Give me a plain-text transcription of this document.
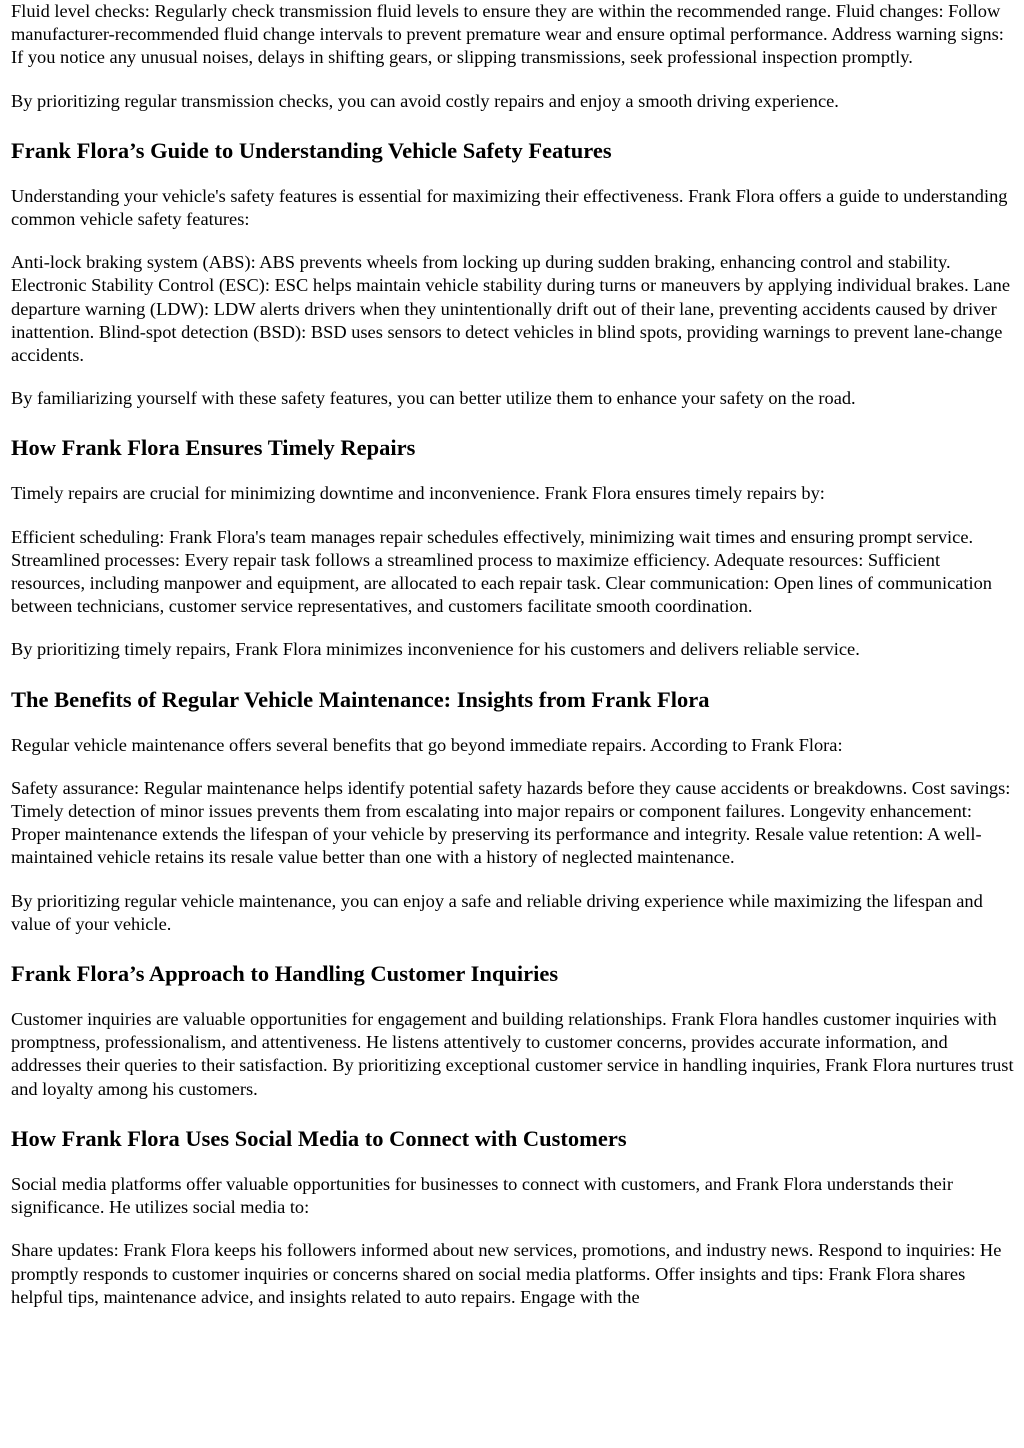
Fluid level checks: Regularly check transmission fluid levels to ensure they are within the recommended range. Fluid changes: Follow manufacturer-recommended fluid change intervals to prevent premature wear and ensure optimal performance. Address warning signs: If you notice any unusual noises, delays in shifting gears, or slipping transmissions, seek professional inspection promptly.

By prioritizing regular transmission checks, you can avoid costly repairs and enjoy a smooth driving experience.

Frank Flora’s Guide to Understanding Vehicle Safety Features

Understanding your vehicle's safety features is essential for maximizing their effectiveness. Frank Flora offers a guide to understanding common vehicle safety features:

Anti-lock braking system (ABS): ABS prevents wheels from locking up during sudden braking, enhancing control and stability. Electronic Stability Control (ESC): ESC helps maintain vehicle stability during turns or maneuvers by applying individual brakes. Lane departure warning (LDW): LDW alerts drivers when they unintentionally drift out of their lane, preventing accidents caused by driver inattention. Blind-spot detection (BSD): BSD uses sensors to detect vehicles in blind spots, providing warnings to prevent lane-change accidents.

By familiarizing yourself with these safety features, you can better utilize them to enhance your safety on the road.

How Frank Flora Ensures Timely Repairs

Timely repairs are crucial for minimizing downtime and inconvenience. Frank Flora ensures timely repairs by:

Efficient scheduling: Frank Flora's team manages repair schedules effectively, minimizing wait times and ensuring prompt service. Streamlined processes: Every repair task follows a streamlined process to maximize efficiency. Adequate resources: Sufficient resources, including manpower and equipment, are allocated to each repair task. Clear communication: Open lines of communication between technicians, customer service representatives, and customers facilitate smooth coordination.

By prioritizing timely repairs, Frank Flora minimizes inconvenience for his customers and delivers reliable service.

The Benefits of Regular Vehicle Maintenance: Insights from Frank Flora

Regular vehicle maintenance offers several benefits that go beyond immediate repairs. According to Frank Flora:

Safety assurance: Regular maintenance helps identify potential safety hazards before they cause accidents or breakdowns. Cost savings: Timely detection of minor issues prevents them from escalating into major repairs or component failures. Longevity enhancement: Proper maintenance extends the lifespan of your vehicle by preserving its performance and integrity. Resale value retention: A well-maintained vehicle retains its resale value better than one with a history of neglected maintenance.

By prioritizing regular vehicle maintenance, you can enjoy a safe and reliable driving experience while maximizing the lifespan and value of your vehicle.

Frank Flora’s Approach to Handling Customer Inquiries

Customer inquiries are valuable opportunities for engagement and building relationships. Frank Flora handles customer inquiries with promptness, professionalism, and attentiveness. He listens attentively to customer concerns, provides accurate information, and addresses their queries to their satisfaction. By prioritizing exceptional customer service in handling inquiries, Frank Flora nurtures trust and loyalty among his customers.

How Frank Flora Uses Social Media to Connect with Customers

Social media platforms offer valuable opportunities for businesses to connect with customers, and Frank Flora understands their significance. He utilizes social media to:

Share updates: Frank Flora keeps his followers informed about new services, promotions, and industry news. Respond to inquiries: He promptly responds to customer inquiries or concerns shared on social media platforms. Offer insights and tips: Frank Flora shares helpful tips, maintenance advice, and insights related to auto repairs. Engage with the
